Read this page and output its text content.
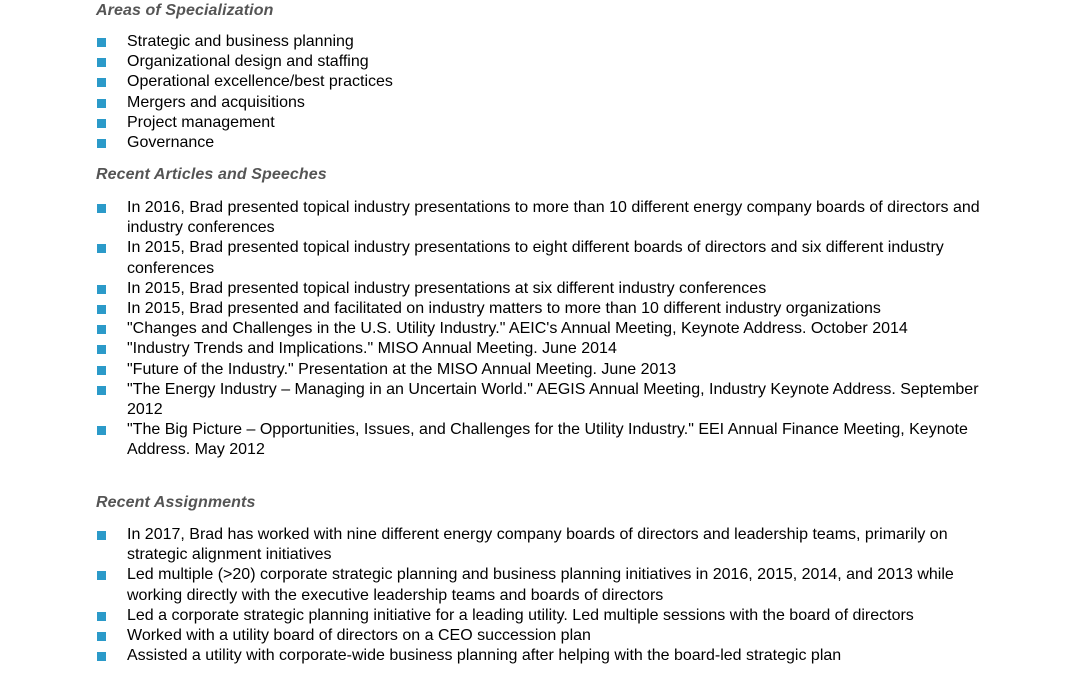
Areas of Specialization
Strategic and business planning
Organizational design and staffing
Operational excellence/best practices
Mergers and acquisitions
Project management
Governance
Recent Articles and Speeches
In 2016, Brad presented topical industry presentations to more than 10 different energy company boards of directors and industry conferences
In 2015, Brad presented topical industry presentations to eight different boards of directors and six different industry conferences
In 2015, Brad presented topical industry presentations at six different industry conferences
In 2015, Brad presented and facilitated on industry matters to more than 10 different industry organizations
"Changes and Challenges in the U.S. Utility Industry." AEIC's Annual Meeting, Keynote Address. October 2014
"Industry Trends and Implications." MISO Annual Meeting. June 2014
"Future of the Industry." Presentation at the MISO Annual Meeting. June 2013
"The Energy Industry – Managing in an Uncertain World." AEGIS Annual Meeting, Industry Keynote Address. September 2012
"The Big Picture – Opportunities, Issues, and Challenges for the Utility Industry." EEI Annual Finance Meeting, Keynote Address. May 2012
Recent Assignments
In 2017, Brad has worked with nine different energy company boards of directors and leadership teams, primarily on strategic alignment initiatives
Led multiple (>20) corporate strategic planning and business planning initiatives in 2016, 2015, 2014, and 2013 while working directly with the executive leadership teams and boards of directors
Led a corporate strategic planning initiative for a leading utility. Led multiple sessions with the board of directors
Worked with a utility board of directors on a CEO succession plan
Assisted a utility with corporate-wide business planning after helping with the board-led strategic plan
